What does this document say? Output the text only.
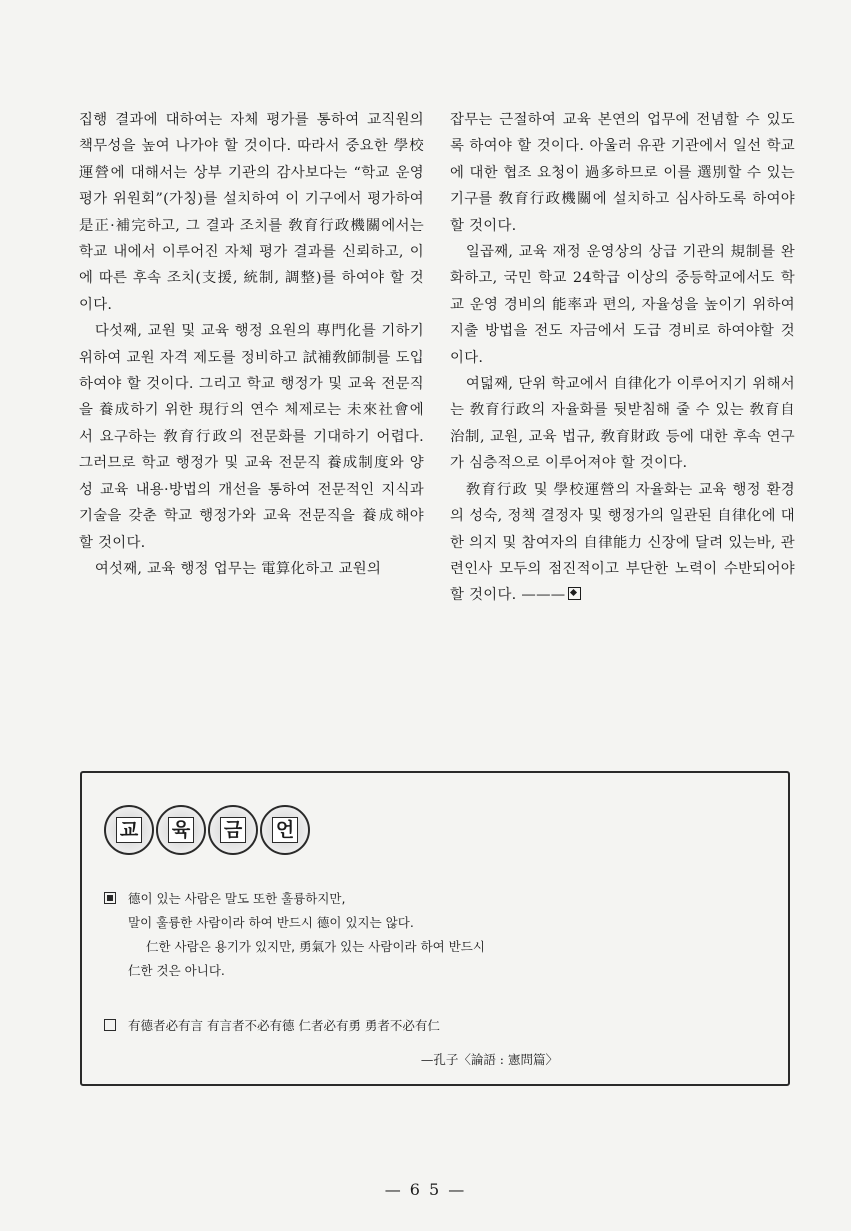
집행 결과에 대하여는 자체 평가를 통하여 교직원의 책무성을 높여 나가야 할 것이다. 따라서 중요한 學校運營에 대해서는 상부 기관의 감사보다는 “학교 운영 평가 위원회”(가칭)를 설치하여 이 기구에서 평가하여 是正·補完하고, 그 결과 조치를 敎育行政機關에서는 학교 내에서 이루어진 자체 평가 결과를 신뢰하고, 이에 따른 후속 조치(支援, 統制, 調整)를 하여야 할 것이다.

다섯째, 교원 및 교육 행정 요원의 專門化를 기하기 위하여 교원 자격 제도를 정비하고 試補敎師制를 도입하여야 할 것이다. 그리고 학교 행정가 및 교육 전문직을 養成하기 위한 現行의 연수 체제로는 未來社會에서 요구하는 敎育行政의 전문화를 기대하기 어렵다. 그러므로 학교 행정가 및 교육 전문직 養成制度와 양성 교육 내용·방법의 개선을 통하여 전문적인 지식과 기술을 갖춘 학교 행정가와 교육 전문직을 養成해야 할 것이다.

여섯째, 교육 행정 업무는 電算化하고 교원의

잡무는 근절하여 교육 본연의 업무에 전념할 수 있도록 하여야 할 것이다. 아울러 유관 기관에서 일선 학교에 대한 협조 요청이 過多하므로 이를 選別할 수 있는 기구를 敎育行政機關에 설치하고 심사하도록 하여야 할 것이다.

일곱째, 교육 재정 운영상의 상급 기관의 規制를 완화하고, 국민 학교 24학급 이상의 중등학교에서도 학교 운영 경비의 能率과 편의, 자율성을 높이기 위하여 지출 방법을 전도 자금에서 도급 경비로 하여야할 것이다.

여덟째, 단위 학교에서 自律化가 이루어지기 위해서는 敎育行政의 자율화를 뒷받침해 줄 수 있는 敎育自治制, 교원, 교육 법규, 敎育財政 등에 대한 후속 연구가 심층적으로 이루어져야 할 것이다.

敎育行政 및 學校運營의 자율화는 교육 행정 환경의 성숙, 정책 결정자 및 행정가의 일관된 自律化에 대한 의지 및 참여자의 自律能力 신장에 달려 있는바, 관련인사 모두의 점진적이고 부단한 노력이 수반되어야 할 것이다. ———

교 육 금 언
德이 있는 사람은 말도 또한 훌륭하지만,
말이 훌륭한 사람이라 하여 반드시 德이 있지는 않다.
仁한 사람은 용기가 있지만, 勇氣가 있는 사람이라 하여 반드시
仁한 것은 아니다.
有德者必有言 有言者不必有德 仁者必有勇 勇者不必有仁
—孔子〈論語 : 憲問篇〉
— 6 5 —
